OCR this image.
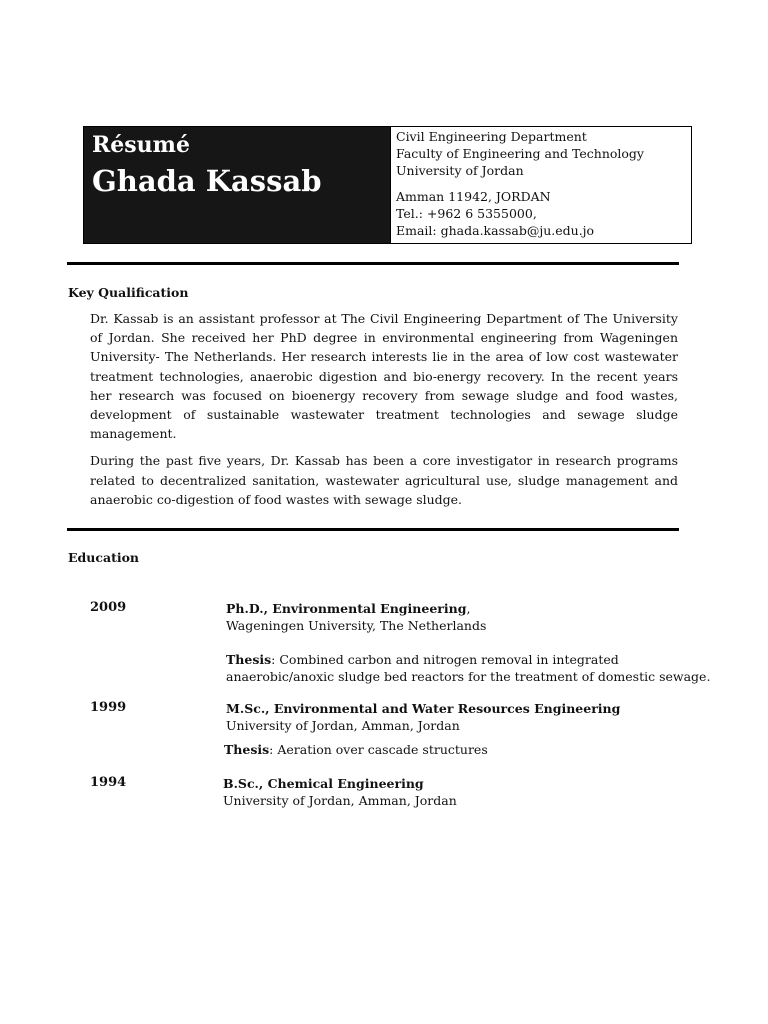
Résumé
Ghada Kassab
Civil Engineering Department
Faculty of Engineering and Technology
University of Jordan
Amman 11942, JORDAN
Tel.: +962 6 5355000,
Email: ghada.kassab@ju.edu.jo
Key Qualification

Dr. Kassab is an assistant professor at The Civil Engineering Department of The University of Jordan. She received her PhD degree in environmental engineering from Wageningen University- The Netherlands. Her research interests lie in the area of low cost wastewater treatment technologies, anaerobic digestion and bio-energy recovery. In the recent years her research was focused on bioenergy recovery from sewage sludge and food wastes, development of sustainable wastewater treatment technologies and sewage sludge management.

During the past five years, Dr. Kassab has been a core investigator in research programs related to decentralized sanitation, wastewater agricultural use, sludge management and anaerobic co-digestion of food wastes with sewage sludge.

Education
2009	Ph.D., Environmental Engineering,
Wageningen University, The Netherlands
Thesis: Combined carbon and nitrogen removal in integrated
anaerobic/anoxic sludge bed reactors for the treatment of domestic sewage.
1999	M.Sc., Environmental and Water Resources Engineering
University of Jordan, Amman, Jordan
Thesis: Aeration over cascade structures
1994	B.Sc., Chemical Engineering
University of Jordan, Amman, Jordan
